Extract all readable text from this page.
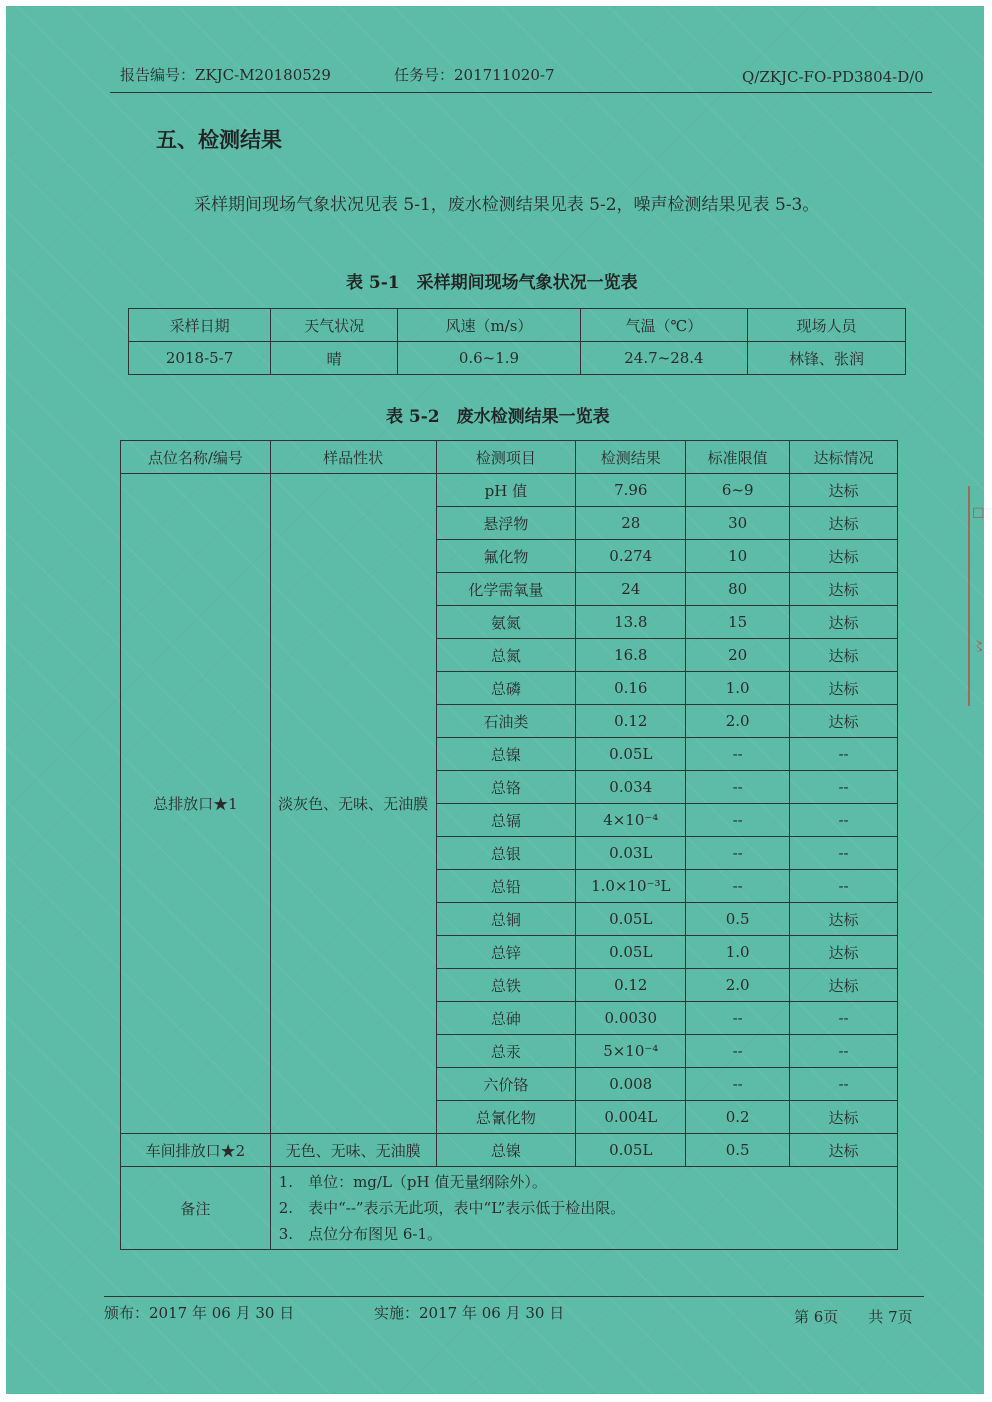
报告编号：ZKJC-M20180529	任务号：201711020-7	Q/ZKJC-FO-PD3804-D/0
五、检测结果
采样期间现场气象状况见表 5-1，废水检测结果见表 5-2，噪声检测结果见表 5-3。
表 5-1　采样期间现场气象状况一览表
采样日期	天气状况	风速（m/s）	气温（℃）	现场人员
2018-5-7	晴	0.6~1.9	24.7~28.4	林锋、张润
表 5-2　废水检测结果一览表
点位名称/编号	样品性状	检测项目	检测结果	标准限值	达标情况
总排放口★1	淡灰色、无味、无油膜	pH 值	7.96	6~9	达标
		悬浮物	28	30	达标
		氟化物	0.274	10	达标
		化学需氧量	24	80	达标
		氨氮	13.8	15	达标
		总氮	16.8	20	达标
		总磷	0.16	1.0	达标
		石油类	0.12	2.0	达标
		总镍	0.05L	--	--
		总铬	0.034	--	--
		总镉	4×10⁻⁴	--	--
		总银	0.03L	--	--
		总铅	1.0×10⁻³L	--	--
		总铜	0.05L	0.5	达标
		总锌	0.05L	1.0	达标
		总铁	0.12	2.0	达标
		总砷	0.0030	--	--
		总汞	5×10⁻⁴	--	--
		六价铬	0.008	--	--
		总氰化物	0.004L	0.2	达标
车间排放口★2	无色、无味、无油膜	总镍	0.05L	0.5	达标
备注	1.　单位：mg/L（pH 值无量纲除外）。
2.　表中“--”表示无此项，表中“L”表示低于检出限。
3.　点位分布图见 6-1。				
颁布：2017 年 06 月 30 日	实施：2017 年 06 月 30 日	第 6页　　共 7页
☐
〻
